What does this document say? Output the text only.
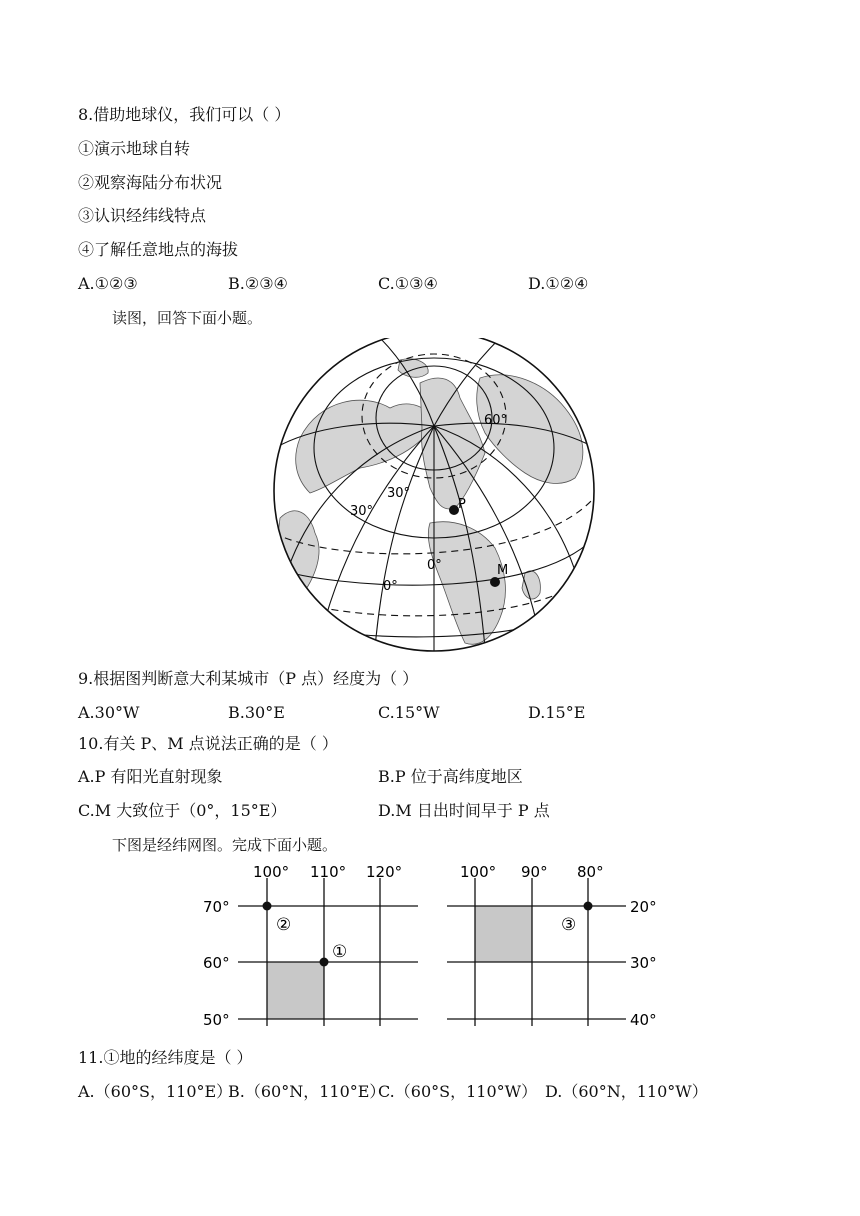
8.借助地球仪，我们可以（ ）
①演示地球自转
②观察海陆分布状况
③认识经纬线特点
④了解任意地点的海拔
A.①②③	B.②③④	C.①③④	D.①②④
读图，回答下面小题。
60°
30°
30°
0°
0°
P
M
9.根据图判断意大利某城市（P 点）经度为（ ）
A.30°W	B.30°E	C.15°W	D.15°E
10.有关 P、M 点说法正确的是（ ）
A.P 有阳光直射现象	B.P 位于高纬度地区
C.M 大致位于（0°，15°E）	D.M 日出时间早于 P 点
下图是经纬网图。完成下面小题。
100° 110° 120°
70°
60°
50°
②
①
100° 90° 80°
20°
30°
40°
③
11.①地的经纬度是（ ）
A.（60°S，110°E）
B.（60°N，110°E）
C.（60°S，110°W） D.（60°N，110°W）
